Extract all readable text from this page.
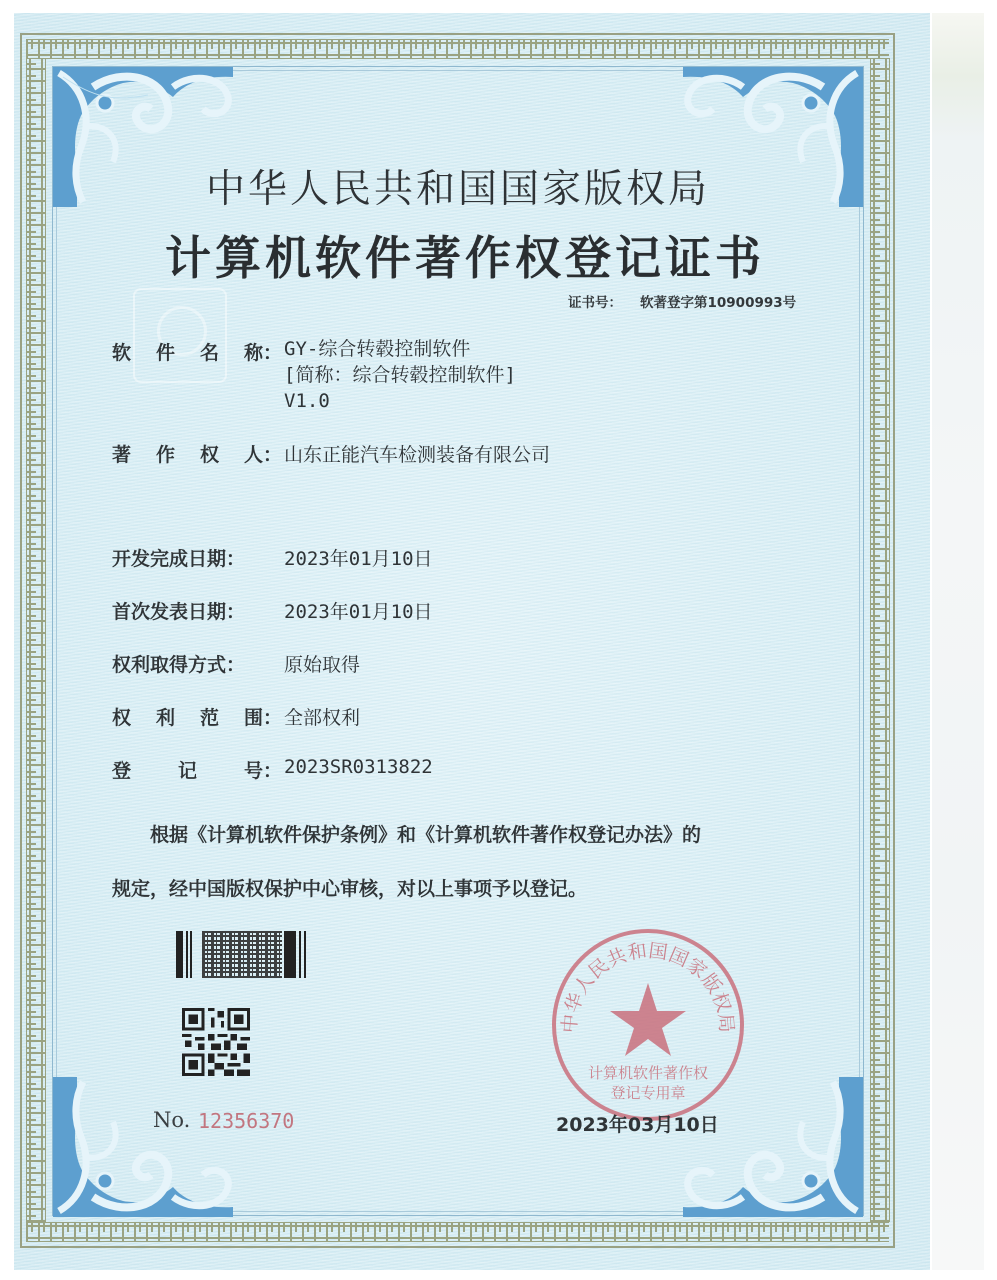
中华人民共和国国家版权局
计算机软件著作权登记证书
证书号： 软著登字第10900993号
软 件 名 称： GY-综合转毂控制软件
[简称：综合转毂控制软件]
V1.0
著 作 权 人： 山东正能汽车检测装备有限公司
开发完成日期：	2023年01月10日
首次发表日期：	2023年01月10日
权利取得方式：	原始取得
权 利 范 围： 全部权利
登 记 号： 2023SR0313822
根据《计算机软件保护条例》和《计算机软件著作权登记办法》的
规定，经中国版权保护中心审核，对以上事项予以登记。
No. 12356370
中华人民共和国国家版权局
计算机软件著作权
登记专用章
2023年03月10日
